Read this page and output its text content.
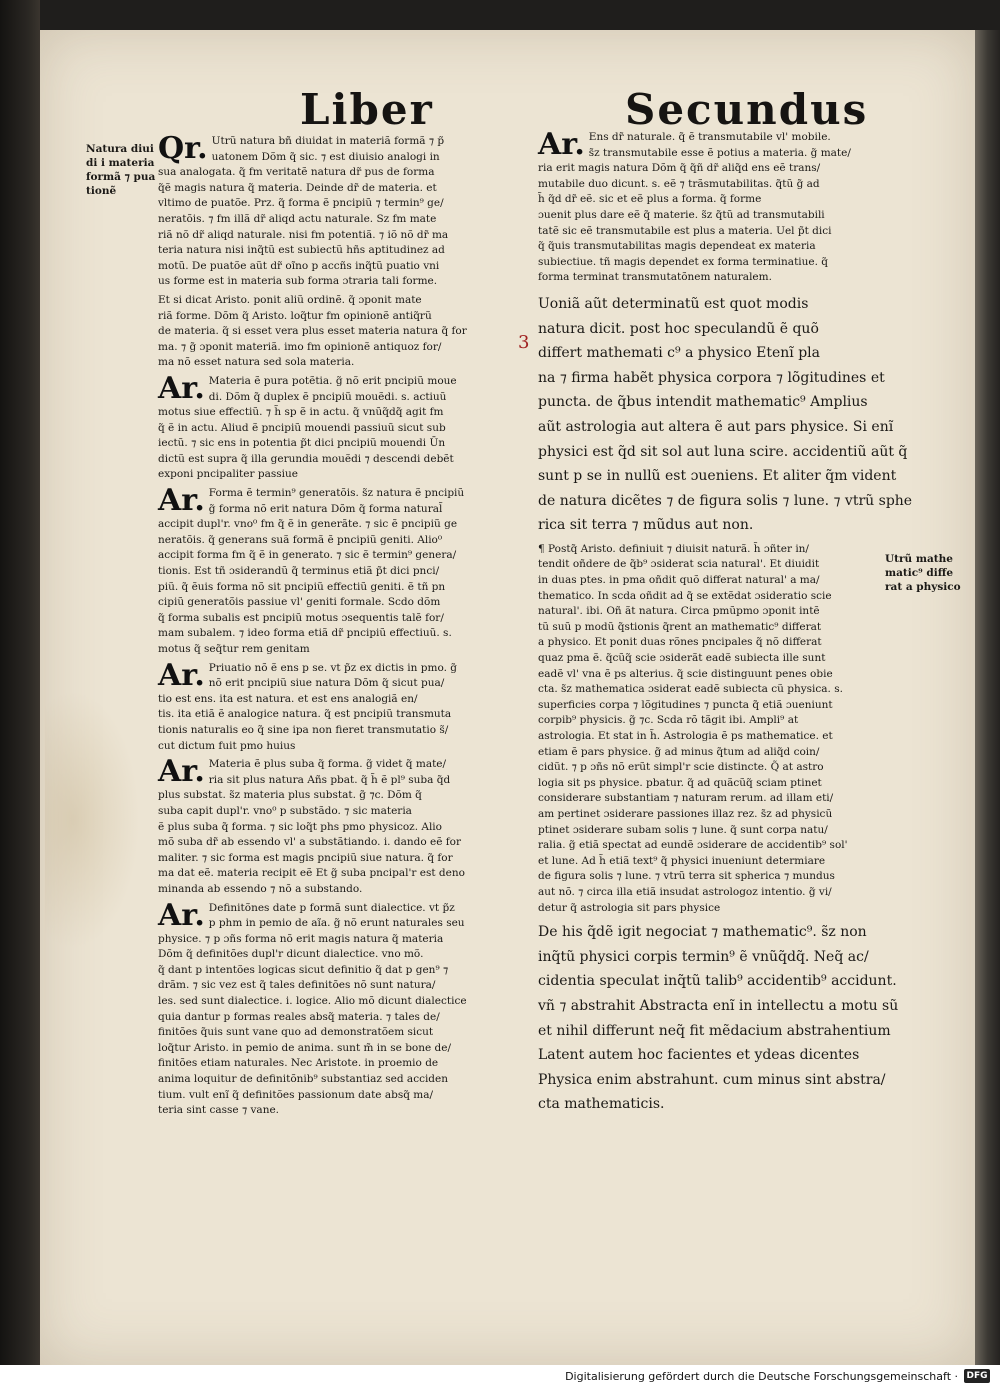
Liber	Secundus
Natura diui
di i materia
formã ⁊ pua
tionẽ
Utrũ mathe
matic⁹ diffe
rat a physico
3
Qr. Utrũ natura bñ diuidat in materiã formã ⁊ p̃
uatonem Dõm q̃ sic. ⁊ est diuisio analogi in
sua analogata. q̃ fm veritatẽ natura dr̃ pus de forma
q̃ẽ magis natura q̃ materia. Deinde dr̃ de materia. et
vltimo de puatõe. Prz. q̃ forma ẽ pncipiũ ⁊ termin⁹ ge/
neratõis. ⁊ fm illã dr̃ aliqd actu naturale. Sz fm mate
riã nõ dr̃ aliqd naturale. nisi fm potentiã. ⁊ iõ nõ dr̃ ma
teria natura nisi inq̃tũ est subiectũ hñs aptitudinez ad
motũ. De puatõe aũt dr̃ oĩno p accñs inq̃tũ puatio vni
us forme est in materia sub forma ɔtraria tali forme.
Et si dicat Aristo. ponit aliũ ordinẽ. q̃ ɔponit mate
riã forme. Dõm q̃ Aristo. loq̃tur fm opinionẽ antiq̃rũ
de materia. q̃ si esset vera plus esset materia natura q̃ for
ma. ⁊ g̃ ɔponit materiã. imo fm opinionẽ antiquoz for/
ma nõ esset natura sed sola materia.
Ar. Materia ẽ pura potẽtia. g̃ nõ erit pncipiũ moue
di. Dõm q̃ duplex ẽ pncipiũ mouẽdi. s. actiuũ
motus siue effectiũ. ⁊ h̃ sp ẽ in actu. q̃ vnũq̃dq̃ agit fm
q̃ ẽ in actu. Aliud ẽ pncipiũ mouendi passiuũ sicut sub
iectũ. ⁊ sic ens in potentia p̃t dici pncipiũ mouendi Ūn
dictũ est supra q̃ illa gerundia mouẽdi ⁊ descendi debẽt
exponi pncipaliter passiue
Ar. Forma ẽ termin⁹ generatõis. s̃z natura ẽ pncipiũ
g̃ forma nõ erit natura Dõm q̃ forma natural̃
accipit dupl'r. vno⁰ fm q̃ ẽ in generãte. ⁊ sic ẽ pncipiũ ge
neratõis. q̃ generans suã formã ẽ pncipiũ geniti. Alio⁰
accipit forma fm q̃ ẽ in generato. ⁊ sic ẽ termin⁹ genera/
tionis. Est tñ ɔsiderandũ q̃ terminus etiã p̃t dici pnci/
piũ. q̃ ẽuis forma nõ sit pncipiũ effectiũ geniti. ẽ tñ pn
cipiũ generatõis passiue vl' geniti formale. Scdo dõm
q̃ forma subalis est pncipiũ motus ɔsequentis talẽ for/
mam subalem. ⁊ ideo forma etiã dr̃ pncipiũ effectiuũ. s.
motus q̃ seq̃tur rem genitam
Ar. Priuatio nõ ẽ ens p se. vt p̃z ex dictis in pmo. g̃
nõ erit pncipiũ siue natura Dõm q̃ sicut pua/
tio est ens. ita est natura. et est ens analogiã en/
tis. ita etiã ẽ analogice natura. q̃ est pncipiũ transmuta
tionis naturalis eo q̃ sine ipa non fieret transmutatio s̃/
cut dictum fuit pmo huius
Ar. Materia ẽ plus suba q̃ forma. g̃ videt q̃ mate/
ria sit plus natura Añs pbat. q̃ h̃ ẽ pl⁹ suba q̃d
plus substat. s̃z materia plus substat. g̃ ⁊c. Dõm q̃
suba capit dupl'r. vno⁰ p substãdo. ⁊ sic materia
ẽ plus suba q̃ forma. ⁊ sic loq̃t phs pmo physicoz. Alio
mõ suba dr̃ ab essendo vl' a substãtiando. i. dando eẽ for
maliter. ⁊ sic forma est magis pncipiũ siue natura. q̃ for
ma dat eẽ. materia recipit eẽ Et g̃ suba pncipal'r est deno
minanda ab essendo ⁊ nõ a substando.
Ar. Definitõnes date p formã sunt dialectice. vt p̃z
p phm in pemio de aĩa. g̃ nõ erunt naturales seu
physice. ⁊ p ɔñs forma nõ erit magis natura q̃ materia
Dõm q̃ definitões dupl'r dicunt dialectice. vno mõ.
q̃ dant p intentões logicas sicut definitio q̃ dat p gen⁹ ⁊
drãm. ⁊ sic vez est q̃ tales definitões nõ sunt natura/
les. sed sunt dialectice. i. logice. Alio mõ dicunt dialectice
quia dantur p formas reales absq̃ materia. ⁊ tales de/
finitões q̃uis sunt vane quo ad demonstratõem sicut
loq̃tur Aristo. in pemio de anima. sunt m̃ in se bone de/
finitões etiam naturales. Nec Aristote. in proemio de
anima loquitur de definitõnib⁹ substantiaz sed acciden
tium. vult enĩ q̃ definitões passionum date absq̃ ma/
teria sint casse ⁊ vane.
Ar. Ens dr̃ naturale. q̃ ẽ transmutabile vl' mobile.
s̃z transmutabile esse ẽ potius a materia. g̃ mate/
ria erit magis natura Dõm q̃ q̃ñ dr̃ aliq̃d ens eẽ trans/
mutabile duo dicunt. s. eẽ ⁊ trãsmutabilitas. q̃tũ g̃ ad
h̃ q̃d dr̃ eẽ. sic et eẽ plus a forma. q̃ forme
ɔuenit plus dare eẽ q̃ materie. s̃z q̃tũ ad transmutabili
tatẽ sic eẽ transmutabile est plus a materia. Uel p̃t dici
q̃ q̃uis transmutabilitas magis dependeat ex materia
subiectiue. tñ magis dependet ex forma terminatiue. q̃
forma terminat transmutatõnem naturalem.
Uoniã aũt determinatũ est quot modis
natura dicit. post hoc speculandũ ẽ quõ
differt mathemati c⁹ a physico Etenĩ pla
na ⁊ firma habẽt physica corpora ⁊ lõgitudines et
puncta. de q̃bus intendit mathematic⁹ Amplius
aũt astrologia aut altera ẽ aut pars physice. Si enĩ
physici est q̃d sit sol aut luna scire. accidentiũ aũt q̃
sunt p se in nullũ est ɔueniens. Et aliter q̃m vident
de natura dicẽtes ⁊ de figura solis ⁊ lune. ⁊ vtrũ sphe
rica sit terra ⁊ mũdus aut non.
¶ Postq̃ Aristo. definiuit ⁊ diuisit naturã. h̃ ɔñter in/
tendit oñdere de q̃b⁹ ɔsiderat scia natural'. Et diuidit
in duas ptes. in pma oñdit quõ differat natural' a ma/
thematico. In scda oñdit ad q̃ se extẽdat ɔsideratio scie
natural'. ibi. Oñ ãt natura. Circa pmũpmo ɔponit intẽ
tũ suũ p modũ q̃stionis q̃rent an mathematic⁹ differat
a physico. Et ponit duas rõnes pncipales q̃ nõ differat
quaz pma ẽ. q̃cũq̃ scie ɔsiderãt eadẽ subiecta ille sunt
eadẽ vl' vna ẽ ps alterius. q̃ scie distinguunt penes obie
cta. s̃z mathematica ɔsiderat eadẽ subiecta cũ physica. s.
superficies corpa ⁊ lõgitudines ⁊ puncta q̃ etiã ɔueniunt
corpib⁹ physicis. g̃ ⁊c. Scda rõ tãgit ibi. Ampli⁹ at
astrologia. Et stat in h̃. Astrologia ẽ ps mathematice. et
etiam ẽ pars physice. g̃ ad minus q̃tum ad aliq̃d coin/
cidũt. ⁊ p ɔñs nõ erũt simpl'r scie distincte. Q̃ at astro
logia sit ps physice. pbatur. q̃ ad quãcũq̃ sciam ptinet
considerare substantiam ⁊ naturam rerum. ad illam eti/
am pertinet ɔsiderare passiones illaz rez. s̃z ad physicũ
ptinet ɔsiderare subam solis ⁊ lune. q̃ sunt corpa natu/
ralia. g̃ etiã spectat ad eundẽ ɔsiderare de accidentib⁹ sol'
et lune. Ad h̃ etiã text⁹ q̃ physici inueniunt determiare
de figura solis ⁊ lune. ⁊ vtrũ terra sit spherica ⁊ mundus
aut nõ. ⁊ circa illa etiã insudat astrologoz intentio. g̃ vi/
detur q̃ astrologia sit pars physice
De his q̃dẽ igit negociat ⁊ mathematic⁹. s̃z non
inq̃tũ physici corpis termin⁹ ẽ vnũq̃dq̃. Neq̃ ac/
cidentia speculat inq̃tũ talib⁹ accidentib⁹ accidunt.
vñ ⁊ abstrahit Abstracta enĩ in intellectu a motu sũ
et nihil differunt neq̃ fit mẽdacium abstrahentium
Latent autem hoc facientes et ydeas dicentes
Physica enim abstrahunt. cum minus sint abstra/
cta mathematicis.
Digitalisierung gefördert durch die Deutsche Forschungsgemeinschaft · DFG
